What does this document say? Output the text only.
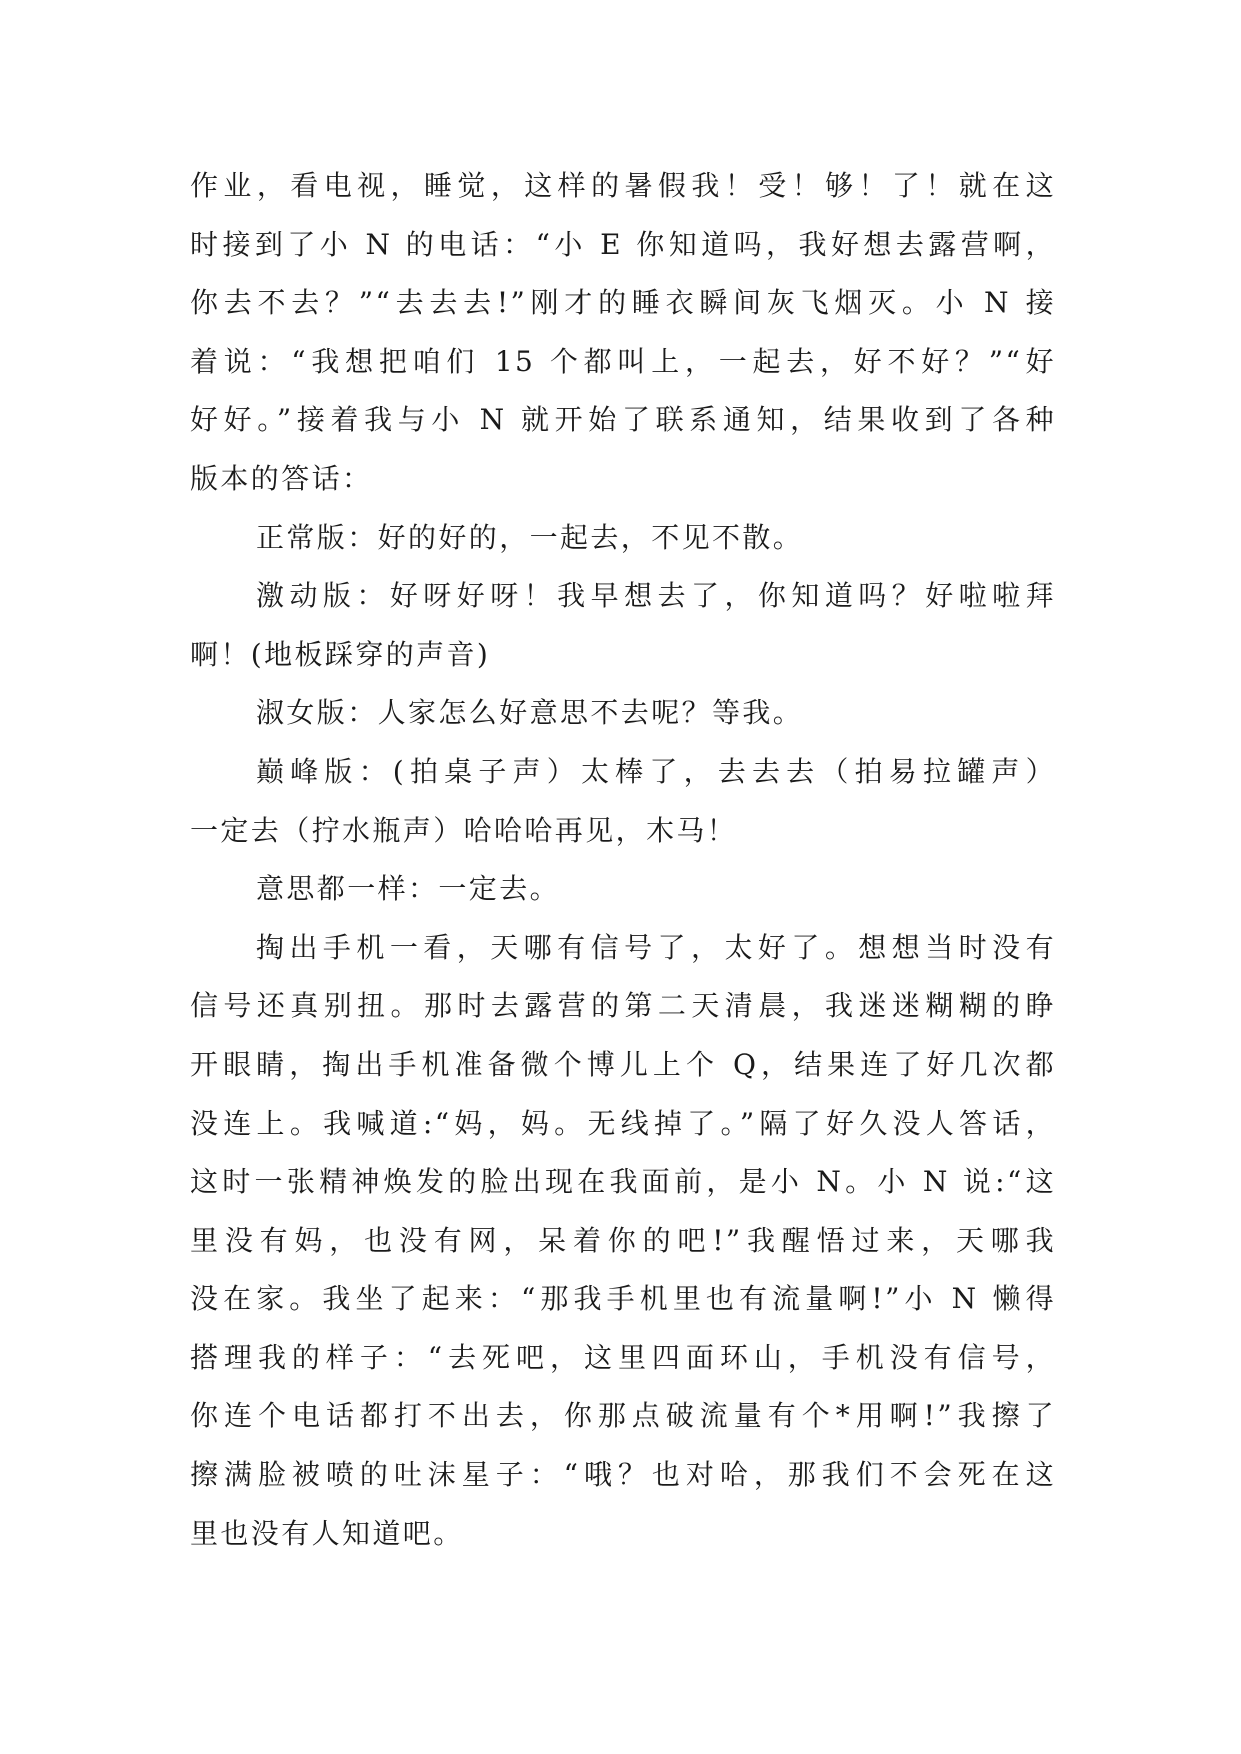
作业，看电视，睡觉，这样的暑假我！受！够！了！就在这
时接到了小 N 的电话：“小 E 你知道吗，我好想去露营啊，
你去不去？”“去去去!”刚才的睡衣瞬间灰飞烟灭。小 N 接
着说：“我想把咱们 15 个都叫上，一起去，好不好？”“好
好好。”接着我与小 N 就开始了联系通知，结果收到了各种
版本的答话：
正常版：好的好的，一起去，不见不散。
激动版：好呀好呀！我早想去了，你知道吗？好啦啦拜
啊！(地板踩穿的声音)
淑女版：人家怎么好意思不去呢？等我。
巅峰版：(拍桌子声）太棒了，去去去（拍易拉罐声）
一定去（拧水瓶声）哈哈哈再见，木马！
意思都一样：一定去。
掏出手机一看，天哪有信号了，太好了。想想当时没有
信号还真别扭。那时去露营的第二天清晨，我迷迷糊糊的睁
开眼睛，掏出手机准备微个博儿上个 Q，结果连了好几次都
没连上。我喊道:“妈，妈。无线掉了。”隔了好久没人答话，
这时一张精神焕发的脸出现在我面前，是小 N。小 N 说:“这
里没有妈，也没有网，呆着你的吧!”我醒悟过来，天哪我
没在家。我坐了起来：“那我手机里也有流量啊!”小 N 懒得
搭理我的样子：“去死吧，这里四面环山，手机没有信号，
你连个电话都打不出去，你那点破流量有个*用啊!”我擦了
擦满脸被喷的吐沫星子：“哦？也对哈，那我们不会死在这
里也没有人知道吧。
